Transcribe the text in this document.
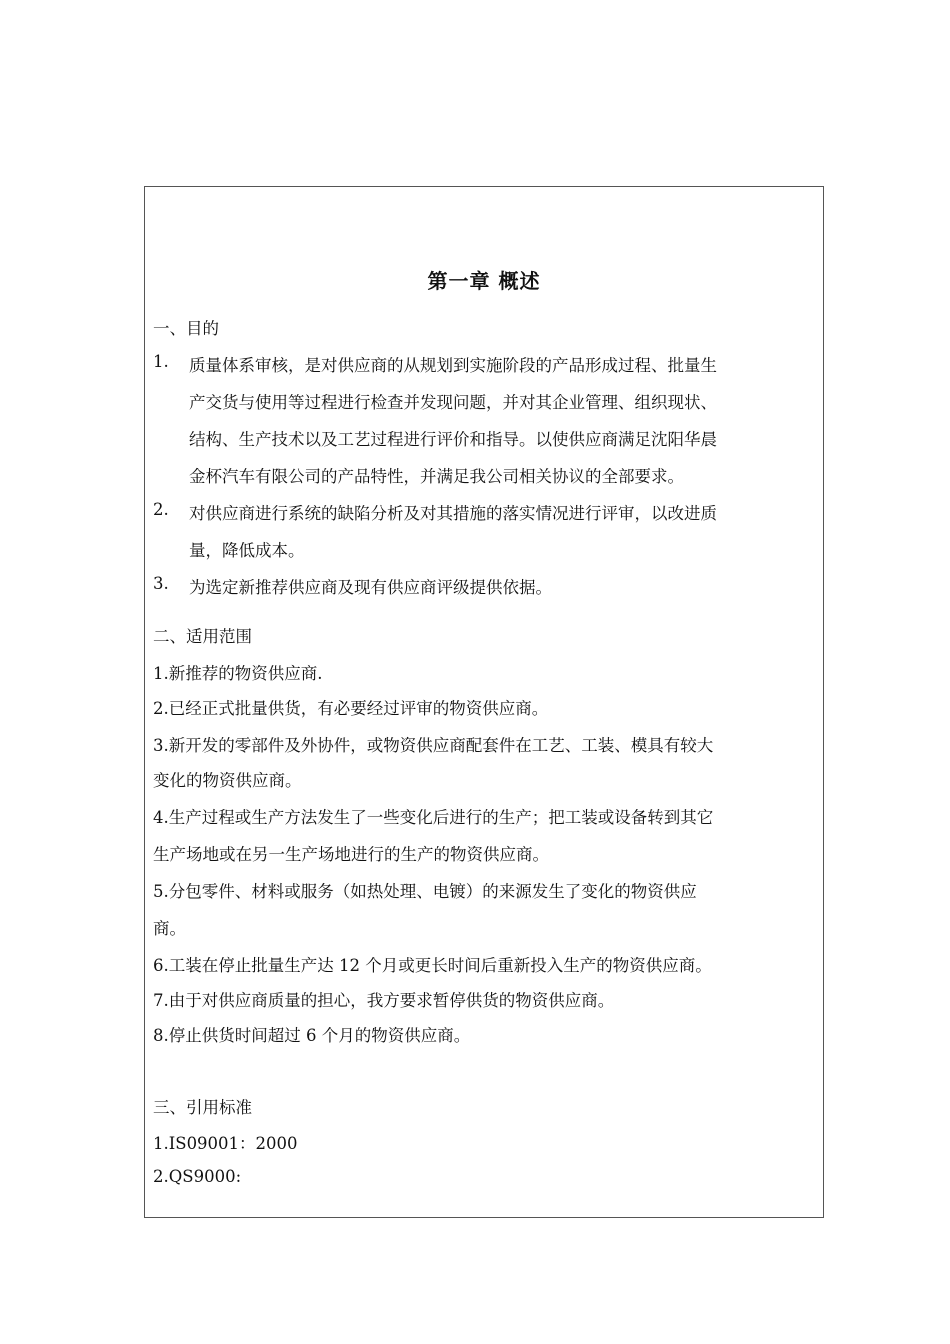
第一章 概述
一、目的
1. 质量体系审核，是对供应商的从规划到实施阶段的产品形成过程、批量生
产交货与使用等过程进行检查并发现问题，并对其企业管理、组织现状、
结构、生产技术以及工艺过程进行评价和指导。以使供应商满足沈阳华晨
金杯汽车有限公司的产品特性，并满足我公司相关协议的全部要求。
2. 对供应商进行系统的缺陷分析及对其措施的落实情况进行评审，以改进质
量，降低成本。
3. 为选定新推荐供应商及现有供应商评级提供依据。
二、适用范围
1.新推荐的物资供应商.
2.已经正式批量供货，有必要经过评审的物资供应商。
3.新开发的零部件及外协件，或物资供应商配套件在工艺、工装、模具有较大
变化的物资供应商。
4.生产过程或生产方法发生了一些变化后进行的生产；把工装或设备转到其它
生产场地或在另一生产场地进行的生产的物资供应商。
5.分包零件、材料或服务（如热处理、电镀）的来源发生了变化的物资供应
商。
6.工装在停止批量生产达 12 个月或更长时间后重新投入生产的物资供应商。
7.由于对供应商质量的担心，我方要求暂停供货的物资供应商。
8.停止供货时间超过 6 个月的物资供应商。
三、引用标准
1.IS09001：2000
2.QS9000:
